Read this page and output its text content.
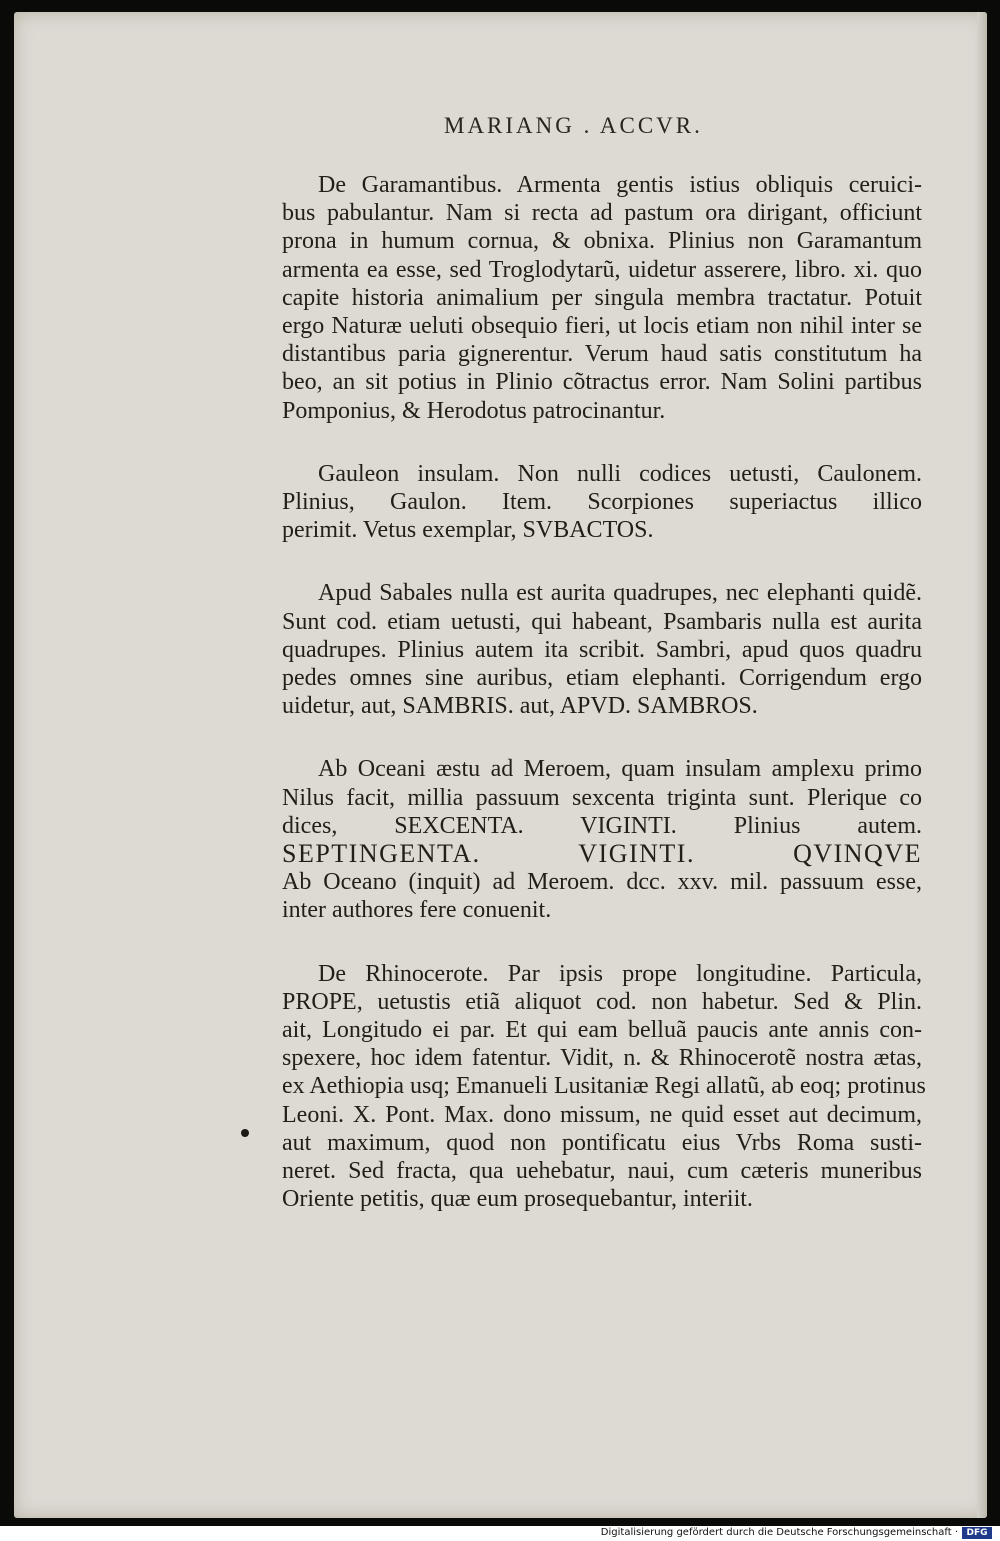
MARIANG . ACCVR.
De Garamantibus. Armenta gentis istius obliquis ceruici-
bus pabulantur. Nam si recta ad pastum ora dirigant, officiunt
prona in humum cornua, & obnixa. Plinius non Garamantum
armenta ea esse, sed Troglodytarũ, uidetur asserere, libro. xi. quo
capite historia animalium per singula membra tractatur. Potuit
ergo Naturæ ueluti obsequio fieri, ut locis etiam non nihil inter se
distantibus paria gignerentur. Verum haud satis constitutum ha
beo, an sit potius in Plinio cõtractus error. Nam Solini partibus
Pomponius, & Herodotus patrocinantur.
Gauleon insulam. Non nulli codices uetusti, Caulonem.
Plinius, Gaulon. Item. Scorpiones superiactus illico
perimit. Vetus exemplar, SVBACTOS.
Apud Sabales nulla est aurita quadrupes, nec elephanti quidẽ.
Sunt cod. etiam uetusti, qui habeant, Psambaris nulla est aurita
quadrupes. Plinius autem ita scribit. Sambri, apud quos quadru
pedes omnes sine auribus, etiam elephanti. Corrigendum ergo
uidetur, aut, SAMBRIS. aut, APVD. SAMBROS.
Ab Oceani æstu ad Meroem, quam insulam amplexu primo
Nilus facit, millia passuum sexcenta triginta sunt. Plerique co
dices, SEXCENTA. VIGINTI. Plinius autem.
SEPTINGENTA. VIGINTI. QVINQVE
Ab Oceano (inquit) ad Meroem. dcc. xxv. mil. passuum esse,
inter authores fere conuenit.
De Rhinocerote. Par ipsis prope longitudine. Particula,
PROPE, uetustis etiã aliquot cod. non habetur. Sed & Plin.
ait, Longitudo ei par. Et qui eam belluã paucis ante annis con-
spexere, hoc idem fatentur. Vidit, n. & Rhinocerotẽ nostra ætas,
ex Aethiopia usq; Emanueli Lusitaniæ Regi allatũ, ab eoq; protinus
Leoni. X. Pont. Max. dono missum, ne quid esset aut decimum,
aut maximum, quod non pontificatu eius Vrbs Roma susti-
neret. Sed fracta, qua uehebatur, naui, cum cæteris muneribus
Oriente petitis, quæ eum prosequebantur, interiit.
Digitalisierung gefördert durch die Deutsche Forschungsgemeinschaft · DFG
